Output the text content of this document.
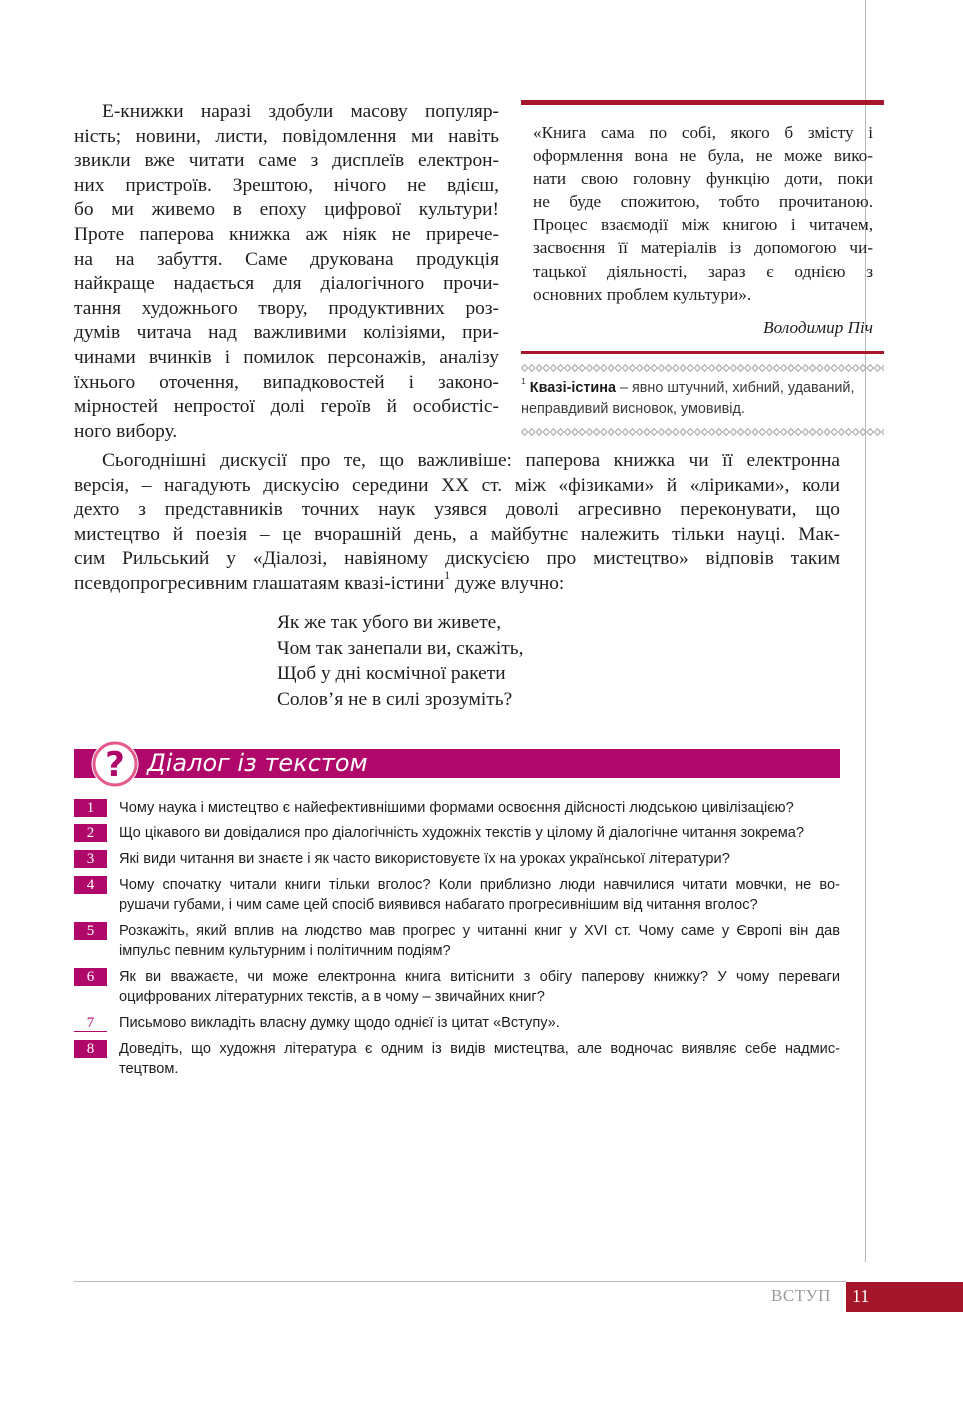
Е-книжки наразі здобули масову популяр-
ність; новини, листи, повідомлення ми навіть
звикли вже читати саме з дисплеїв електрон-
них пристроїв. Зрештою, нічого не вдієш,
бо ми живемо в епоху цифрової культури!
Проте паперова книжка аж ніяк не прирече-
на на забуття. Саме друкована продукція
найкраще надається для діалогічного прочи-
тання художнього твору, продуктивних роз-
думів читача над важливими колізіями, при-
чинами вчинків і помилок персонажів, аналізу
їхнього оточення, випадковостей і законо-
мірностей непростої долі героїв й особистіс-
ного вибору.
«Книга сама по собі, якого б змісту і
оформлення вона не була, не може вико-
нати свою головну функцію доти, поки
не буде спожитою, тобто прочитаною.
Процес взаємодії між книгою і читачем,
засвоєння її матеріалів із допомогою чи-
тацької діяльності, зараз є однією з
основних проблем культури».
Володимир Піч
$^1$ Квазі-істина – явно штучний, хибний, удаваний,
неправдивий висновок, умовивід.
Сьогоднішні дискусії про те, що важливіше: паперова книжка чи її електронна
версія, – нагадують дискусію середини XX ст. між «фізиками» й «ліриками», коли
дехто з представників точних наук узявся доволі агресивно переконувати, що
мистецтво й поезія – це вчорашній день, а майбутнє належить тільки науці. Мак-
сим Рильський у «Діалозі, навіяному дискусією про мистецтво» відповів таким
псевдопрогресивним глашатаям квазі-істини$^1$ дуже влучно:
Як же так убого ви живете,
Чом так занепали ви, скажіть,
Щоб у дні космічної ракети
Солов’я не в силі зрозуміть?
? Діалог із текстом
1	Чому наука і мистецтво є найефективнішими формами освоєння дійсності людською цивілізацією?
2	Що цікавого ви довідалися про діалогічність художніх текстів у цілому й діалогічне читання зокрема?
3	Які види читання ви знаєте і як часто використовуєте їх на уроках української літератури?
4	Чому спочатку читали книги тільки вголос? Коли приблизно люди навчилися читати мовчки, не во-
рушачи губами, і чим саме цей спосіб виявився набагато прогресивнішим від читання вголос?
5	Розкажіть, який вплив на людство мав прогрес у читанні книг у XVI ст. Чому саме у Європі він дав
імпульс певним культурним і політичним подіям?
6	Як ви вважаєте, чи може електронна книга витіснити з обігу паперову книжку? У чому переваги
оцифрованих літературних текстів, а в чому – звичайних книг?
7	Письмово викладіть власну думку щодо однієї із цитат «Вступу».
8	Доведіть, що художня література є одним із видів мистецтва, але водночас виявляє себе надмис-
тецтвом.
ВСТУП 11
